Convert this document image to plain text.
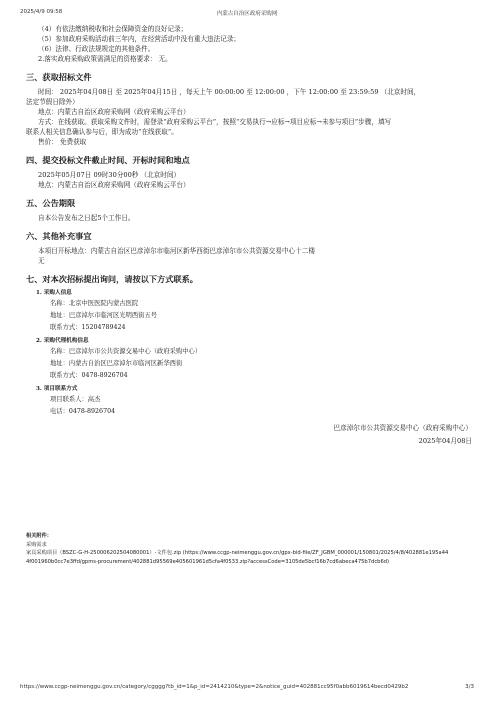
2025/4/9 09:58	内蒙古自治区政府采购网
（4）有依法缴纳税收和社会保障资金的良好记录；
（5）参加政府采购活动前三年内，在经营活动中没有重大违法记录；
（6）法律、行政法规规定的其他条件。
2.落实政府采购政策需满足的资格要求： 无。
三、获取招标文件
时间： 2025年04月08日 至 2025年04月15日 ，每天上午 00:00:00 至 12:00:00 ，下午 12:00:00 至 23:59:59 （北京时间，
法定节假日除外）
地点：内蒙古自治区政府采购网（政府采购云平台）
方式：在线获取。获取采购文件时，需登录“政府采购云平台”，按照“交易执行→应标→项目应标→未参与项目”步骤，填写
联系人相关信息确认参与后，即为成功“在线获取”。
售价： 免费获取
四、提交投标文件截止时间、开标时间和地点
2025年05月07日 09时30分00秒 （北京时间）
地点：内蒙古自治区政府采购网（政府采购云平台）
五、公告期限
自本公告发布之日起5个工作日。
六、其他补充事宜
本项目开标地点：内蒙古自治区巴彦淖尔市临河区新华西街巴彦淖尔市公共资源交易中心十二楼
无
七、对本次招标提出询问，请按以下方式联系。
1. 采购人信息
名称：北京中医医院内蒙古医院
地址：巴彦淖尔市临河区光明西街五号
联系方式：15204789424
2. 采购代理机构信息
名称：巴彦淖尔市公共资源交易中心（政府采购中心）
地址：内蒙古自治区巴彦淖尔市临河区新华西街
联系方式：0478-8926704
3. 项目联系方式
项目联系人：高杰
电话：0478-8926704
巴彦淖尔市公共资源交易中心（政府采购中心）
2025年04月08日
相关附件：
采购需求
家具采购项目（BSZC-G-H-250006202504080001）-文件包.zip (https://www.ccgp-neimenggu.gov.cn/gpx-bid-file/ZF_JGBM_000001/150801/2025/4/8/402881e195a44
4f001960b0cc7e3ffd/gpms-procurement/402881d95569e405601961d5cfa4f0533.zip?accessCode=3105de5bcf16b7cd6abeca475b7dcb6d)
https://www.ccgp-neimenggu.gov.cn/category/cgggg?tb_id=1&p_id=2414210&type=2&notice_guid=402881cc95f0abb6019614becd0429b2	3/3
